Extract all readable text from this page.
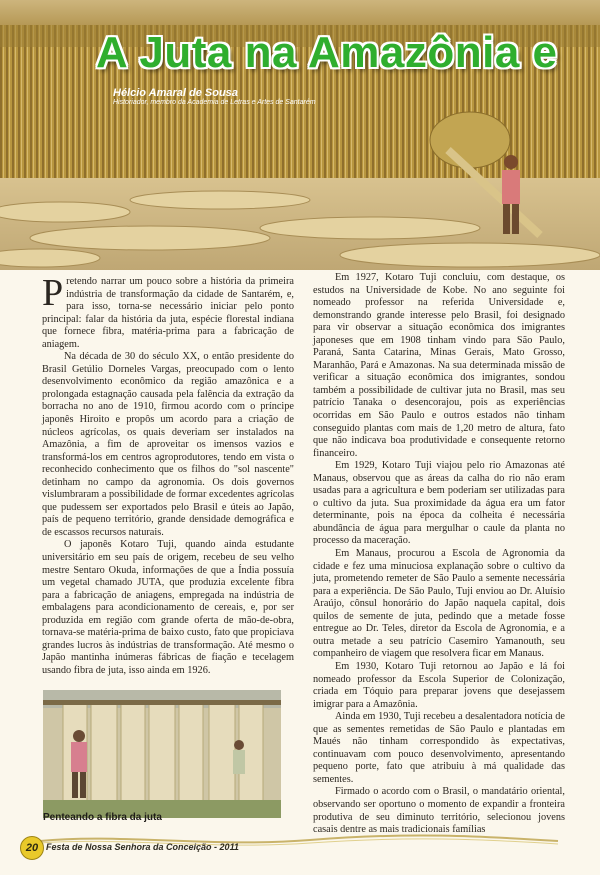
A Juta na Amazônia e
Hélcio Amaral de Sousa
Historiador, membro da Academia de Letras e Artes de Santarém

Pretendo narrar um pouco sobre a história da primeira indústria de transformação da cidade de Santarém, e, para isso, torna-se necessário iniciar pelo ponto principal: falar da história da juta, espécie florestal indiana que fornece fibra, matéria-prima para a fabricação de aniagem.

Na década de 30 do século XX, o então presidente do Brasil Getúlio Dorneles Vargas, preocupado com o lento desenvolvimento econômico da região amazônica e a prolongada estagnação causada pela falência da extração da borracha no ano de 1910, firmou acordo com o príncipe japonês Hiroito e propôs um acordo para a criação de núcleos agrícolas, os quais deveriam ser instalados na Amazônia, a fim de aproveitar os imensos vazios e transformá-los em centros agroprodutores, tendo em vista o reconhecido conhecimento que os filhos do "sol nascente" detinham no campo da agronomia. Os dois governos vislumbraram a possibilidade de formar excedentes agrícolas que pudessem ser exportados pelo Brasil e úteis ao Japão, país de pequeno território, grande densidade demográfica e de escassos recursos naturais.

O japonês Kotaro Tuji, quando ainda estudante universitário em seu país de origem, recebeu de seu velho mestre Sentaro Okuda, informações de que a Índia possuía um vegetal chamado JUTA, que produzia excelente fibra para a fabricação de aniagens, empregada na indústria de embalagens para acondicionamento de cereais, e, por ser produzida em região com grande oferta de mão-de-obra, tornava-se matéria-prima de baixo custo, fato que propiciava grandes lucros às indústrias de transformação. Até mesmo o Japão mantinha inúmeras fábricas de fiação e tecelagem usando fibra de juta, isso ainda em 1926.

Penteando a fibra da juta

Em 1927, Kotaro Tuji concluiu, com destaque, os estudos na Universidade de Kobe. No ano seguinte foi nomeado professor na referida Universidade e, demonstrando grande interesse pelo Brasil, foi designado para vir observar a situação econômica dos imigrantes japoneses que em 1908 tinham vindo para São Paulo, Paraná, Santa Catarina, Minas Gerais, Mato Grosso, Maranhão, Pará e Amazonas. Na sua determinada missão de verificar a situação econômica dos imigrantes, sondou também a possibilidade de cultivar juta no Brasil, mas seu patrício Tanaka o desencorajou, pois as experiências ocorridas em São Paulo e outros estados não tinham conseguido plantas com mais de 1,20 metro de altura, fato que não indicava boa produtividade e consequente retorno financeiro.

Em 1929, Kotaro Tuji viajou pelo rio Amazonas até Manaus, observou que as áreas da calha do rio não eram usadas para a agricultura e bem poderiam ser utilizadas para o cultivo da juta. Sua proximidade da água era um fator determinante, pois na época da colheita é necessária abundância de água para mergulhar o caule da planta no processo da maceração.

Em Manaus, procurou a Escola de Agronomia da cidade e fez uma minuciosa explanação sobre o cultivo da juta, prometendo remeter de São Paulo a semente necessária para a experiência. De São Paulo, Tuji enviou ao Dr. Aluísio Araújo, cônsul honorário do Japão naquela capital, dois quilos de semente de juta, pedindo que a metade fosse entregue ao Dr. Teles, diretor da Escola de Agronomia, e a outra metade a seu patrício Casemiro Yamanouth, seu companheiro de viagem que resolvera ficar em Manaus.

Em 1930, Kotaro Tuji retornou ao Japão e lá foi nomeado professor da Escola Superior de Colonização, criada em Tóquio para preparar jovens que desejassem imigrar para a Amazônia.

Ainda em 1930, Tuji recebeu a desalentadora notícia de que as sementes remetidas de São Paulo e plantadas em Maués não tinham correspondido às expectativas, continuavam com pouco desenvolvimento, apresentando pequeno porte, fato que atribuiu à má qualidade das sementes.

Firmado o acordo com o Brasil, o mandatário oriental, observando ser oportuno o momento de expandir a fronteira produtiva de seu diminuto território, selecionou jovens casais dentre as mais tradicionais famílias

20 Festa de Nossa Senhora da Conceição - 2011
